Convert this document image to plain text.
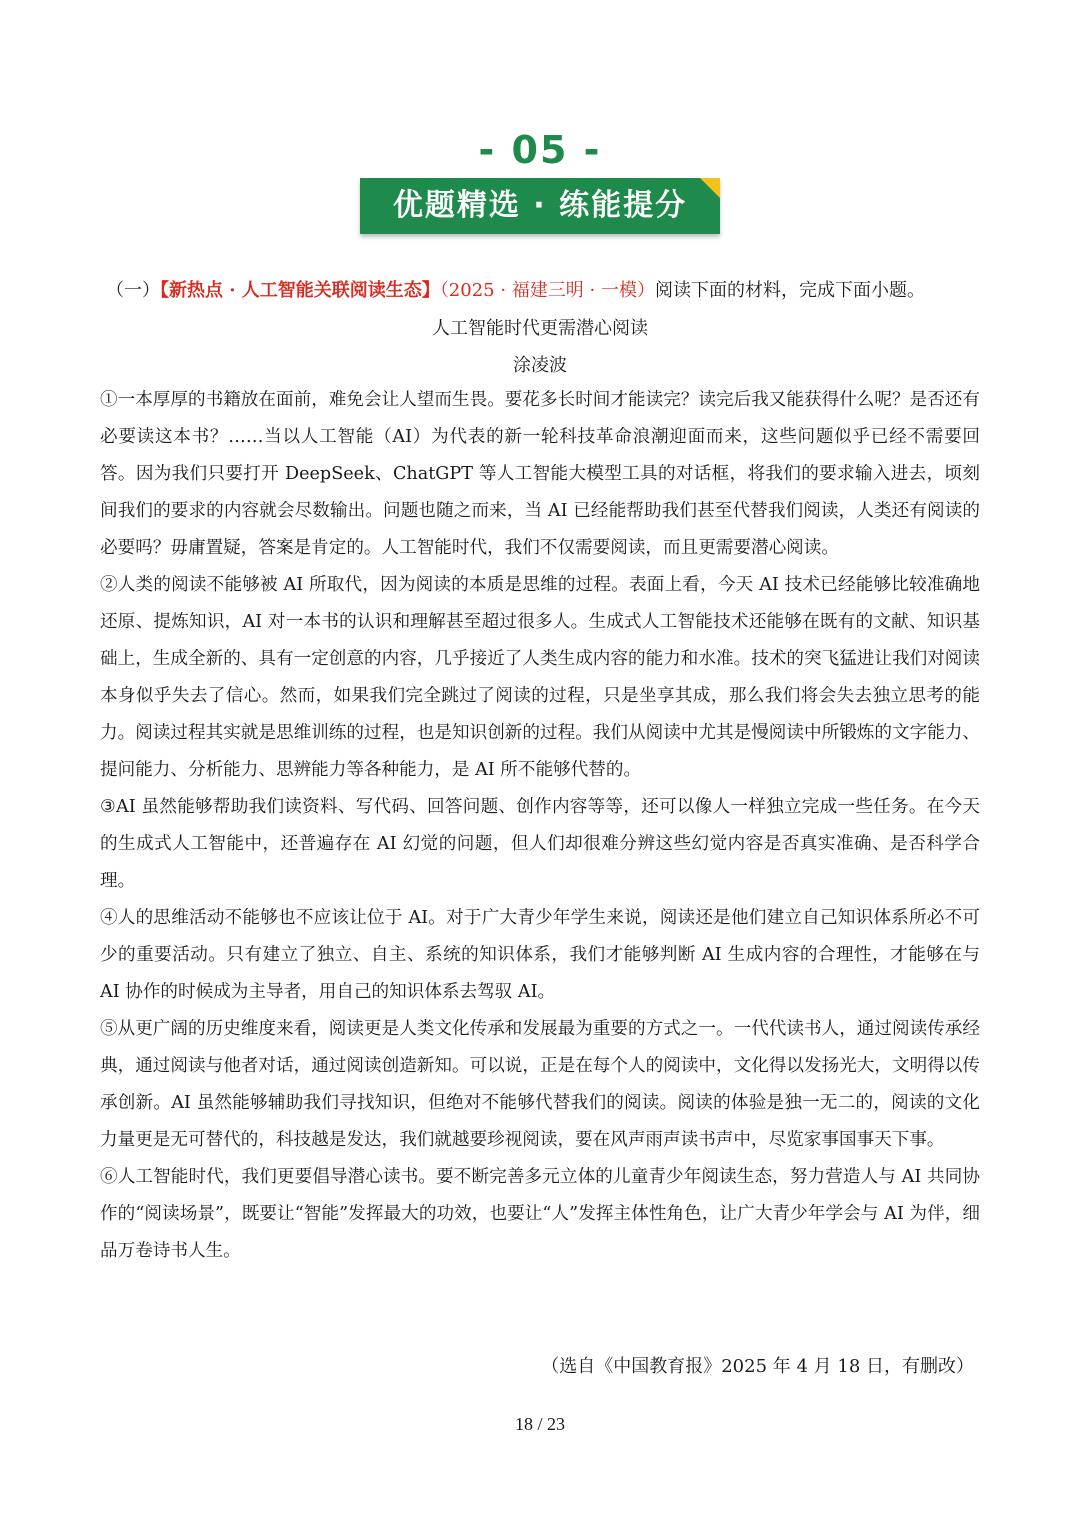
- 05 -
优题精选 · 练能提分
（一）【新热点 · 人工智能关联阅读生态】（2025 · 福建三明 · 一模）阅读下面的材料，完成下面小题。
人工智能时代更需潜心阅读
涂凌波

①一本厚厚的书籍放在面前，难免会让人望而生畏。要花多长时间才能读完？读完后我又能获得什么呢？是否还有必要读这本书？……当以人工智能（AI）为代表的新一轮科技革命浪潮迎面而来，这些问题似乎已经不需要回答。因为我们只要打开 DeepSeek、ChatGPT 等人工智能大模型工具的对话框，将我们的要求输入进去，顷刻间我们的要求的内容就会尽数输出。问题也随之而来，当 AI 已经能帮助我们甚至代替我们阅读，人类还有阅读的必要吗？毋庸置疑，答案是肯定的。人工智能时代，我们不仅需要阅读，而且更需要潜心阅读。

②人类的阅读不能够被 AI 所取代，因为阅读的本质是思维的过程。表面上看，今天 AI 技术已经能够比较准确地还原、提炼知识，AI 对一本书的认识和理解甚至超过很多人。生成式人工智能技术还能够在既有的文献、知识基础上，生成全新的、具有一定创意的内容，几乎接近了人类生成内容的能力和水准。技术的突飞猛进让我们对阅读本身似乎失去了信心。然而，如果我们完全跳过了阅读的过程，只是坐享其成，那么我们将会失去独立思考的能力。阅读过程其实就是思维训练的过程，也是知识创新的过程。我们从阅读中尤其是慢阅读中所锻炼的文字能力、提问能力、分析能力、思辨能力等各种能力，是 AI 所不能够代替的。

③AI 虽然能够帮助我们读资料、写代码、回答问题、创作内容等等，还可以像人一样独立完成一些任务。在今天的生成式人工智能中，还普遍存在 AI 幻觉的问题，但人们却很难分辨这些幻觉内容是否真实准确、是否科学合理。

④人的思维活动不能够也不应该让位于 AI。对于广大青少年学生来说，阅读还是他们建立自己知识体系所必不可少的重要活动。只有建立了独立、自主、系统的知识体系，我们才能够判断 AI 生成内容的合理性，才能够在与 AI 协作的时候成为主导者，用自己的知识体系去驾驭 AI。

⑤从更广阔的历史维度来看，阅读更是人类文化传承和发展最为重要的方式之一。一代代读书人，通过阅读传承经典，通过阅读与他者对话，通过阅读创造新知。可以说，正是在每个人的阅读中，文化得以发扬光大，文明得以传承创新。AI 虽然能够辅助我们寻找知识，但绝对不能够代替我们的阅读。阅读的体验是独一无二的，阅读的文化力量更是无可替代的，科技越是发达，我们就越要珍视阅读，要在风声雨声读书声中，尽览家事国事天下事。

⑥人工智能时代，我们更要倡导潜心读书。要不断完善多元立体的儿童青少年阅读生态，努力营造人与 AI 共同协作的“阅读场景”，既要让“智能”发挥最大的功效，也要让“人”发挥主体性角色，让广大青少年学会与 AI 为伴，细品万卷诗书人生。

（选自《中国教育报》2025 年 4 月 18 日，有删改）
18 / 23
